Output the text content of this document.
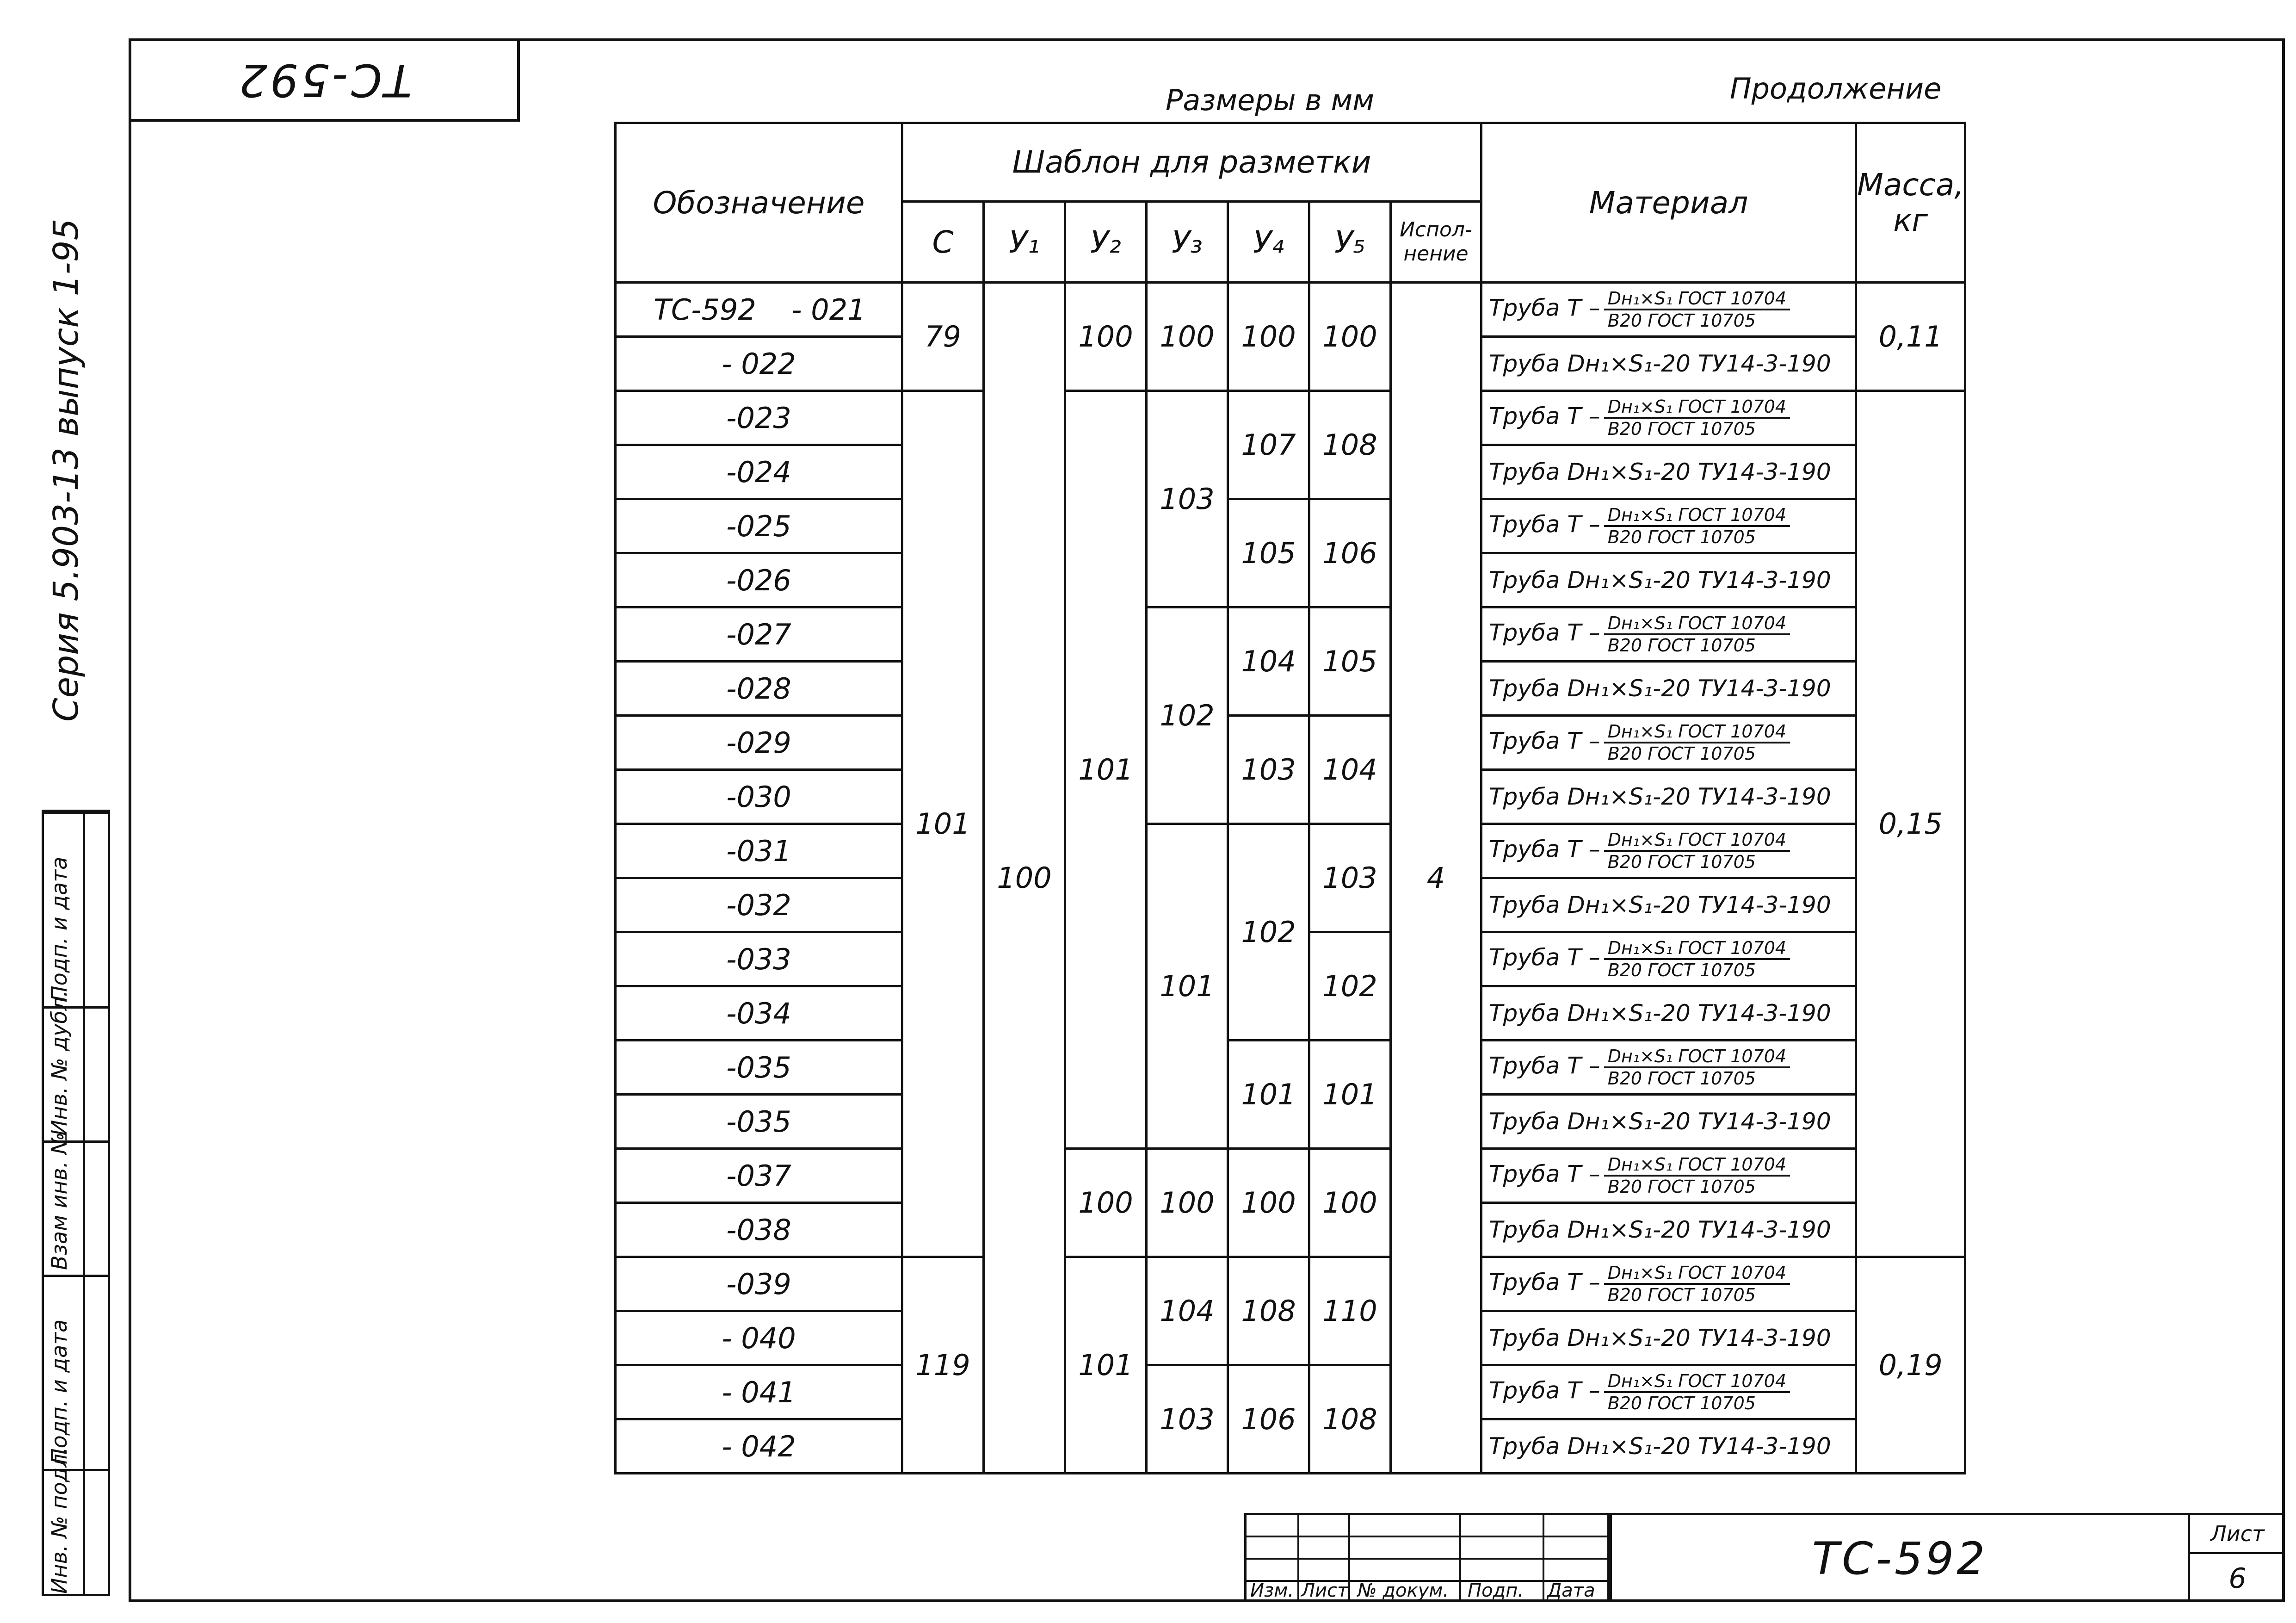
ТС-592	Размеры в мм	Продолжение
Серия 5.903-13 выпуск 1-95
Подп. и дата
Инв. № дубл.
Взам инв. №
Подп. и дата
Инв. № подл.
Обозначение	Шаблон для разметки							Материал	Масса,
кг

	C	У₁	У₂	У₃	У₄	У₅	Испол-
нение		

ТС-592 - 021	79	100	100	100	100	100	4	Труба Т – $\frac{\text{Dн₁×S₁ ГОСТ 10704}}{\text{В20 ГОСТ 10705}}$	0,11
- 022								Труба Dн₁×S₁-20 ТУ14-3-190	
-023	101		101	103	107	108		Труба Т – $\frac{\text{Dн₁×S₁ ГОСТ 10704}}{\text{В20 ГОСТ 10705}}$	0,15
-024								Труба Dн₁×S₁-20 ТУ14-3-190	
-025					105	106		Труба Т – $\frac{\text{Dн₁×S₁ ГОСТ 10704}}{\text{В20 ГОСТ 10705}}$

-026								Труба Dн₁×S₁-20 ТУ14-3-190	
-027				102	104	105		Труба Т – $\frac{\text{Dн₁×S₁ ГОСТ 10704}}{\text{В20 ГОСТ 10705}}$

-028								Труба Dн₁×S₁-20 ТУ14-3-190	
-029					103	104		Труба Т – $\frac{\text{Dн₁×S₁ ГОСТ 10704}}{\text{В20 ГОСТ 10705}}$

-030								Труба Dн₁×S₁-20 ТУ14-3-190	
-031				101	102	103		Труба Т – $\frac{\text{Dн₁×S₁ ГОСТ 10704}}{\text{В20 ГОСТ 10705}}$

-032								Труба Dн₁×S₁-20 ТУ14-3-190	
-033						102		Труба Т – $\frac{\text{Dн₁×S₁ ГОСТ 10704}}{\text{В20 ГОСТ 10705}}$

-034								Труба Dн₁×S₁-20 ТУ14-3-190	
-035					101	101		Труба Т – $\frac{\text{Dн₁×S₁ ГОСТ 10704}}{\text{В20 ГОСТ 10705}}$

-035								Труба Dн₁×S₁-20 ТУ14-3-190	
-037			100	100	100	100		Труба Т – $\frac{\text{Dн₁×S₁ ГОСТ 10704}}{\text{В20 ГОСТ 10705}}$

-038								Труба Dн₁×S₁-20 ТУ14-3-190	
-039	119		101	104	108	110		Труба Т – $\frac{\text{Dн₁×S₁ ГОСТ 10704}}{\text{В20 ГОСТ 10705}}$	0,19
- 040								Труба Dн₁×S₁-20 ТУ14-3-190	
- 041				103	106	108		Труба Т – $\frac{\text{Dн₁×S₁ ГОСТ 10704}}{\text{В20 ГОСТ 10705}}$

- 042								Труба Dн₁×S₁-20 ТУ14-3-190	
Изм. Лист № докум. Подп. Дата
ТС-592	Лист
6
